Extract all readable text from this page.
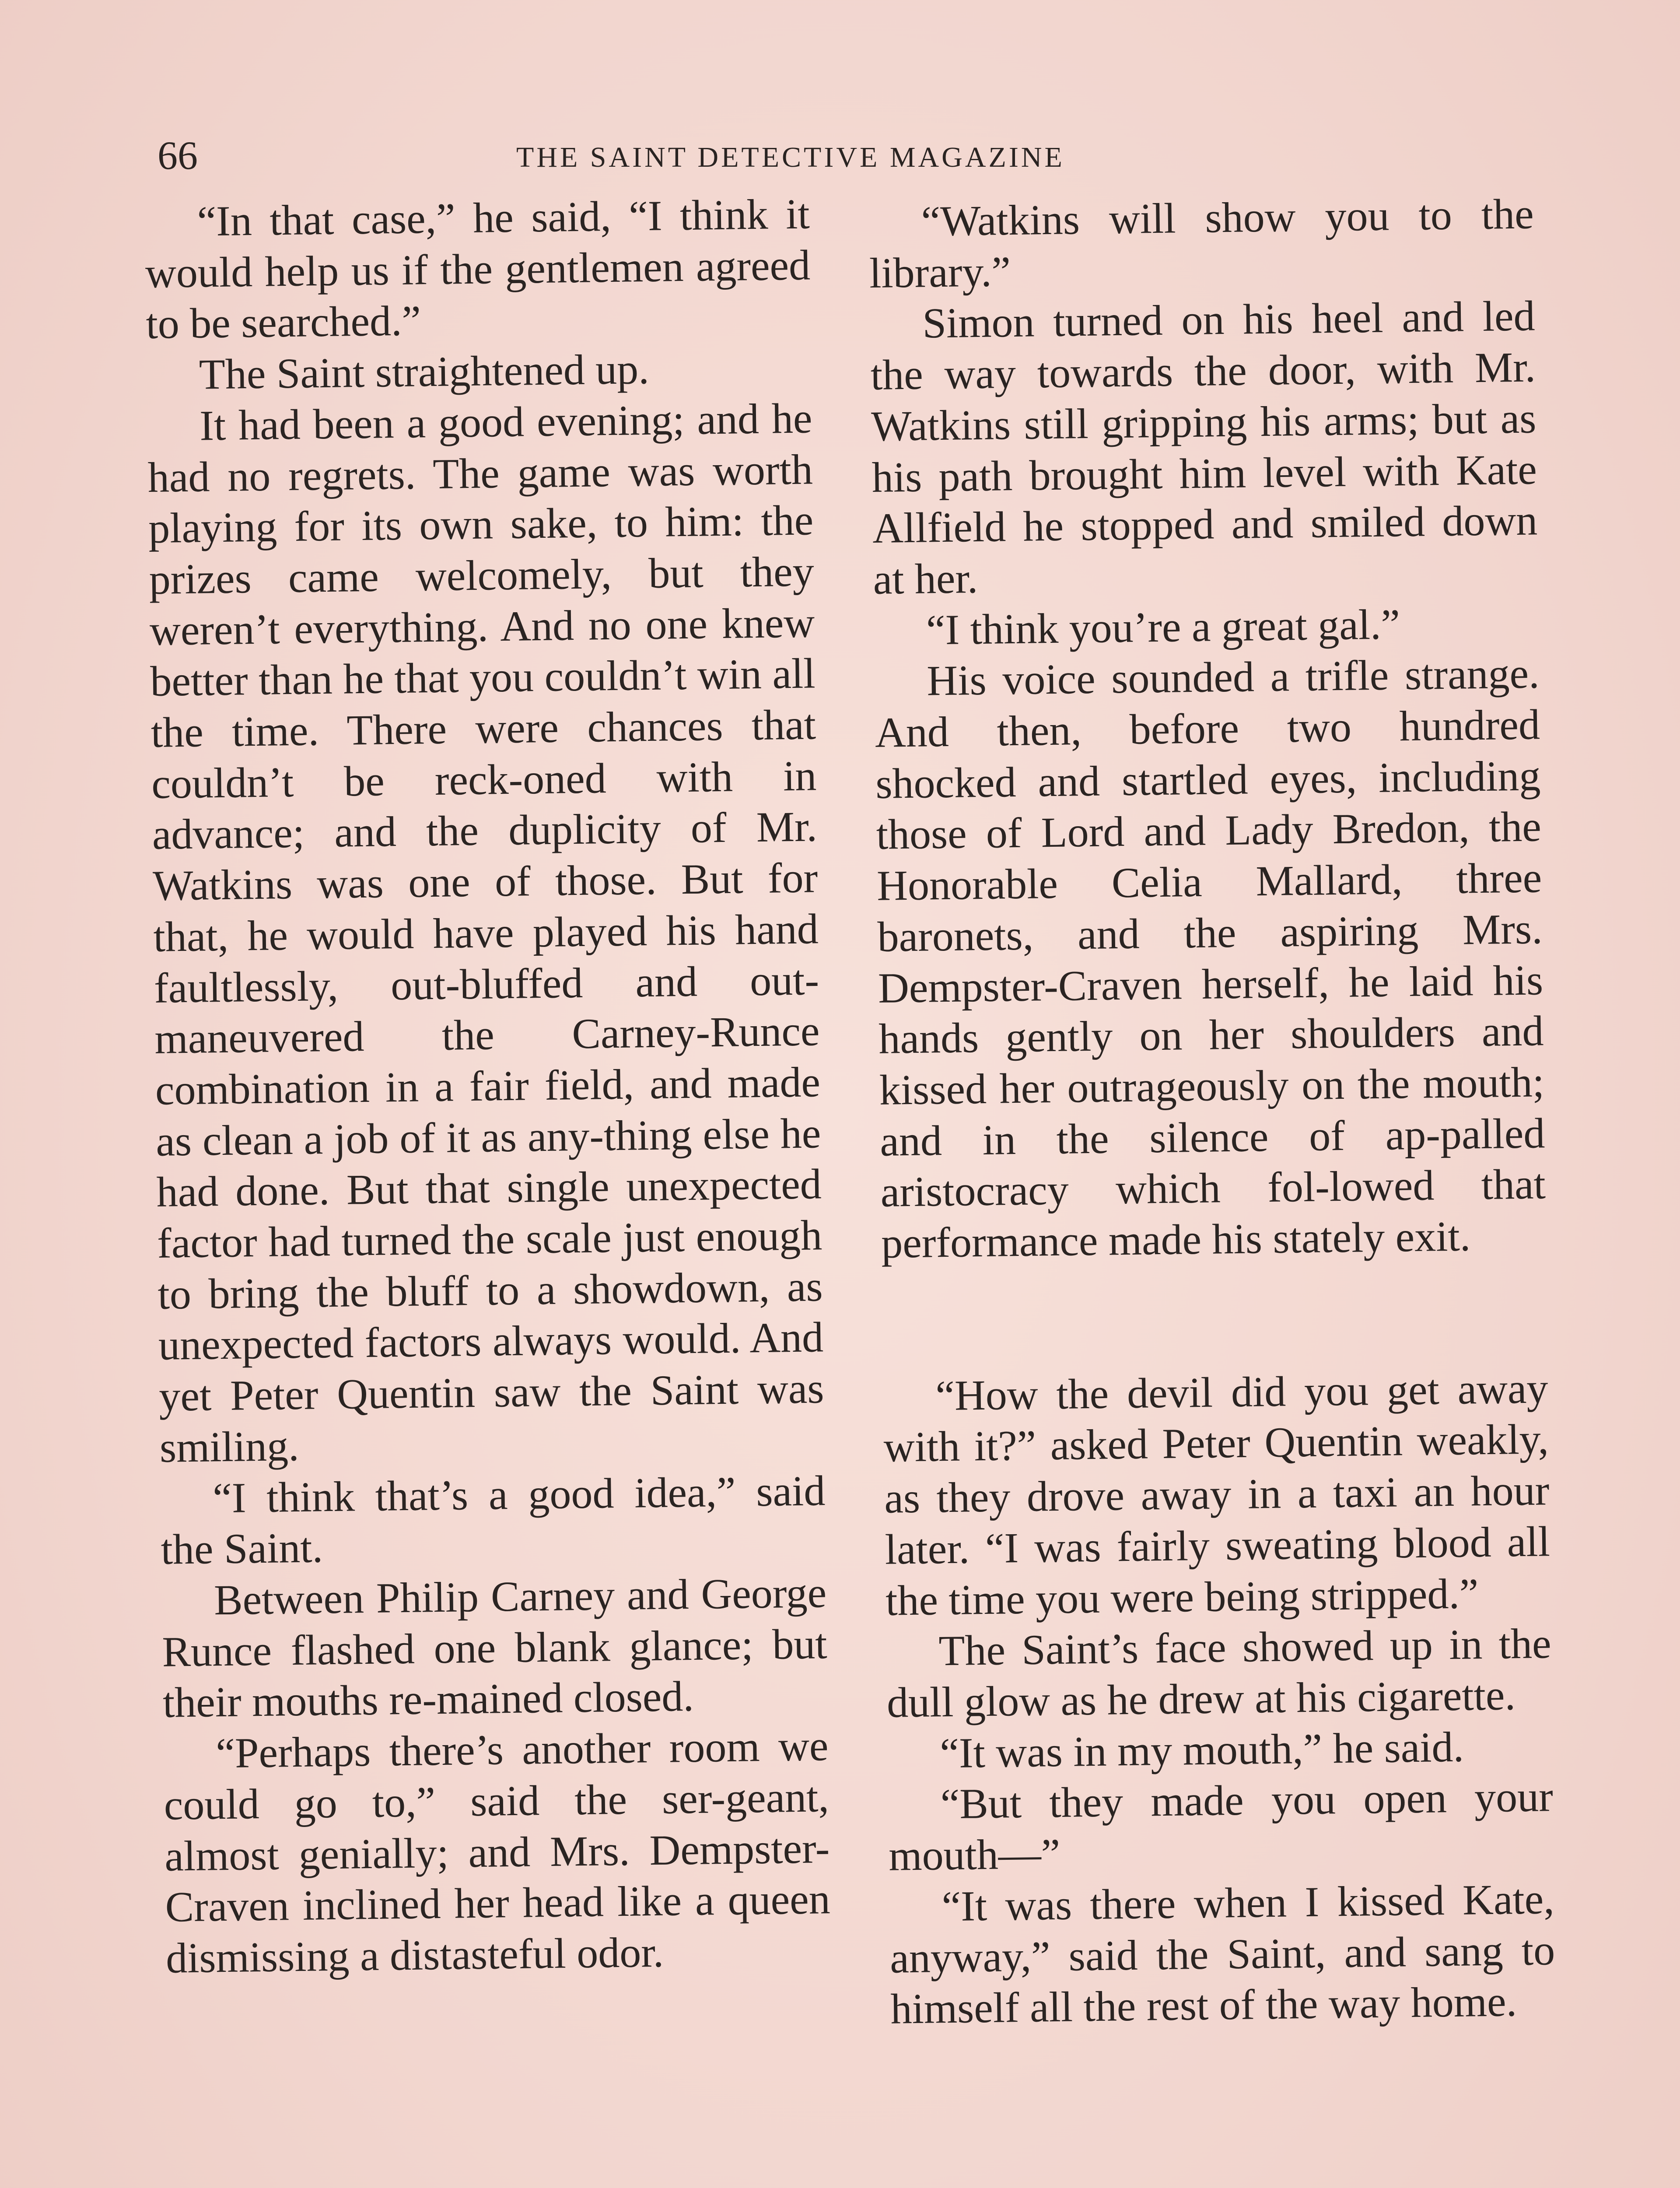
66	THE SAINT DETECTIVE MAGAZINE

“In that case,” he said, “I think it would help us if the gentlemen agreed to be searched.”

The Saint straightened up.

It had been a good evening; and he had no regrets. The game was worth playing for its own sake, to him: the prizes came welcomely, but they weren’t everything. And no one knew better than he that you couldn’t win all the time. There were chances that couldn’t be reck-oned with in advance; and the duplicity of Mr. Watkins was one of those. But for that, he would have played his hand faultlessly, out-bluffed and out-maneuvered the Carney-Runce combination in a fair field, and made as clean a job of it as any-thing else he had done. But that single unexpected factor had turned the scale just enough to bring the bluff to a showdown, as unexpected factors always would. And yet Peter Quentin saw the Saint was smiling.

“I think that’s a good idea,” said the Saint.

Between Philip Carney and George Runce flashed one blank glance; but their mouths re-mained closed.

“Perhaps there’s another room we could go to,” said the ser-geant, almost genially; and Mrs. Dempster-Craven inclined her head like a queen dismissing a distasteful odor.

“Watkins will show you to the library.”

Simon turned on his heel and led the way towards the door, with Mr. Watkins still gripping his arms; but as his path brought him level with Kate Allfield he stopped and smiled down at her.

“I think you’re a great gal.”

His voice sounded a trifle strange. And then, before two hundred shocked and startled eyes, including those of Lord and Lady Bredon, the Honorable Celia Mallard, three baronets, and the aspiring Mrs. Dempster-Craven herself, he laid his hands gently on her shoulders and kissed her outrageously on the mouth; and in the silence of ap-palled aristocracy which fol-lowed that performance made his stately exit.

“How the devil did you get away with it?” asked Peter Quentin weakly, as they drove away in a taxi an hour later. “I was fairly sweating blood all the time you were being stripped.”

The Saint’s face showed up in the dull glow as he drew at his cigarette.

“It was in my mouth,” he said.

“But they made you open your mouth—”

“It was there when I kissed Kate, anyway,” said the Saint, and sang to himself all the rest of the way home.
